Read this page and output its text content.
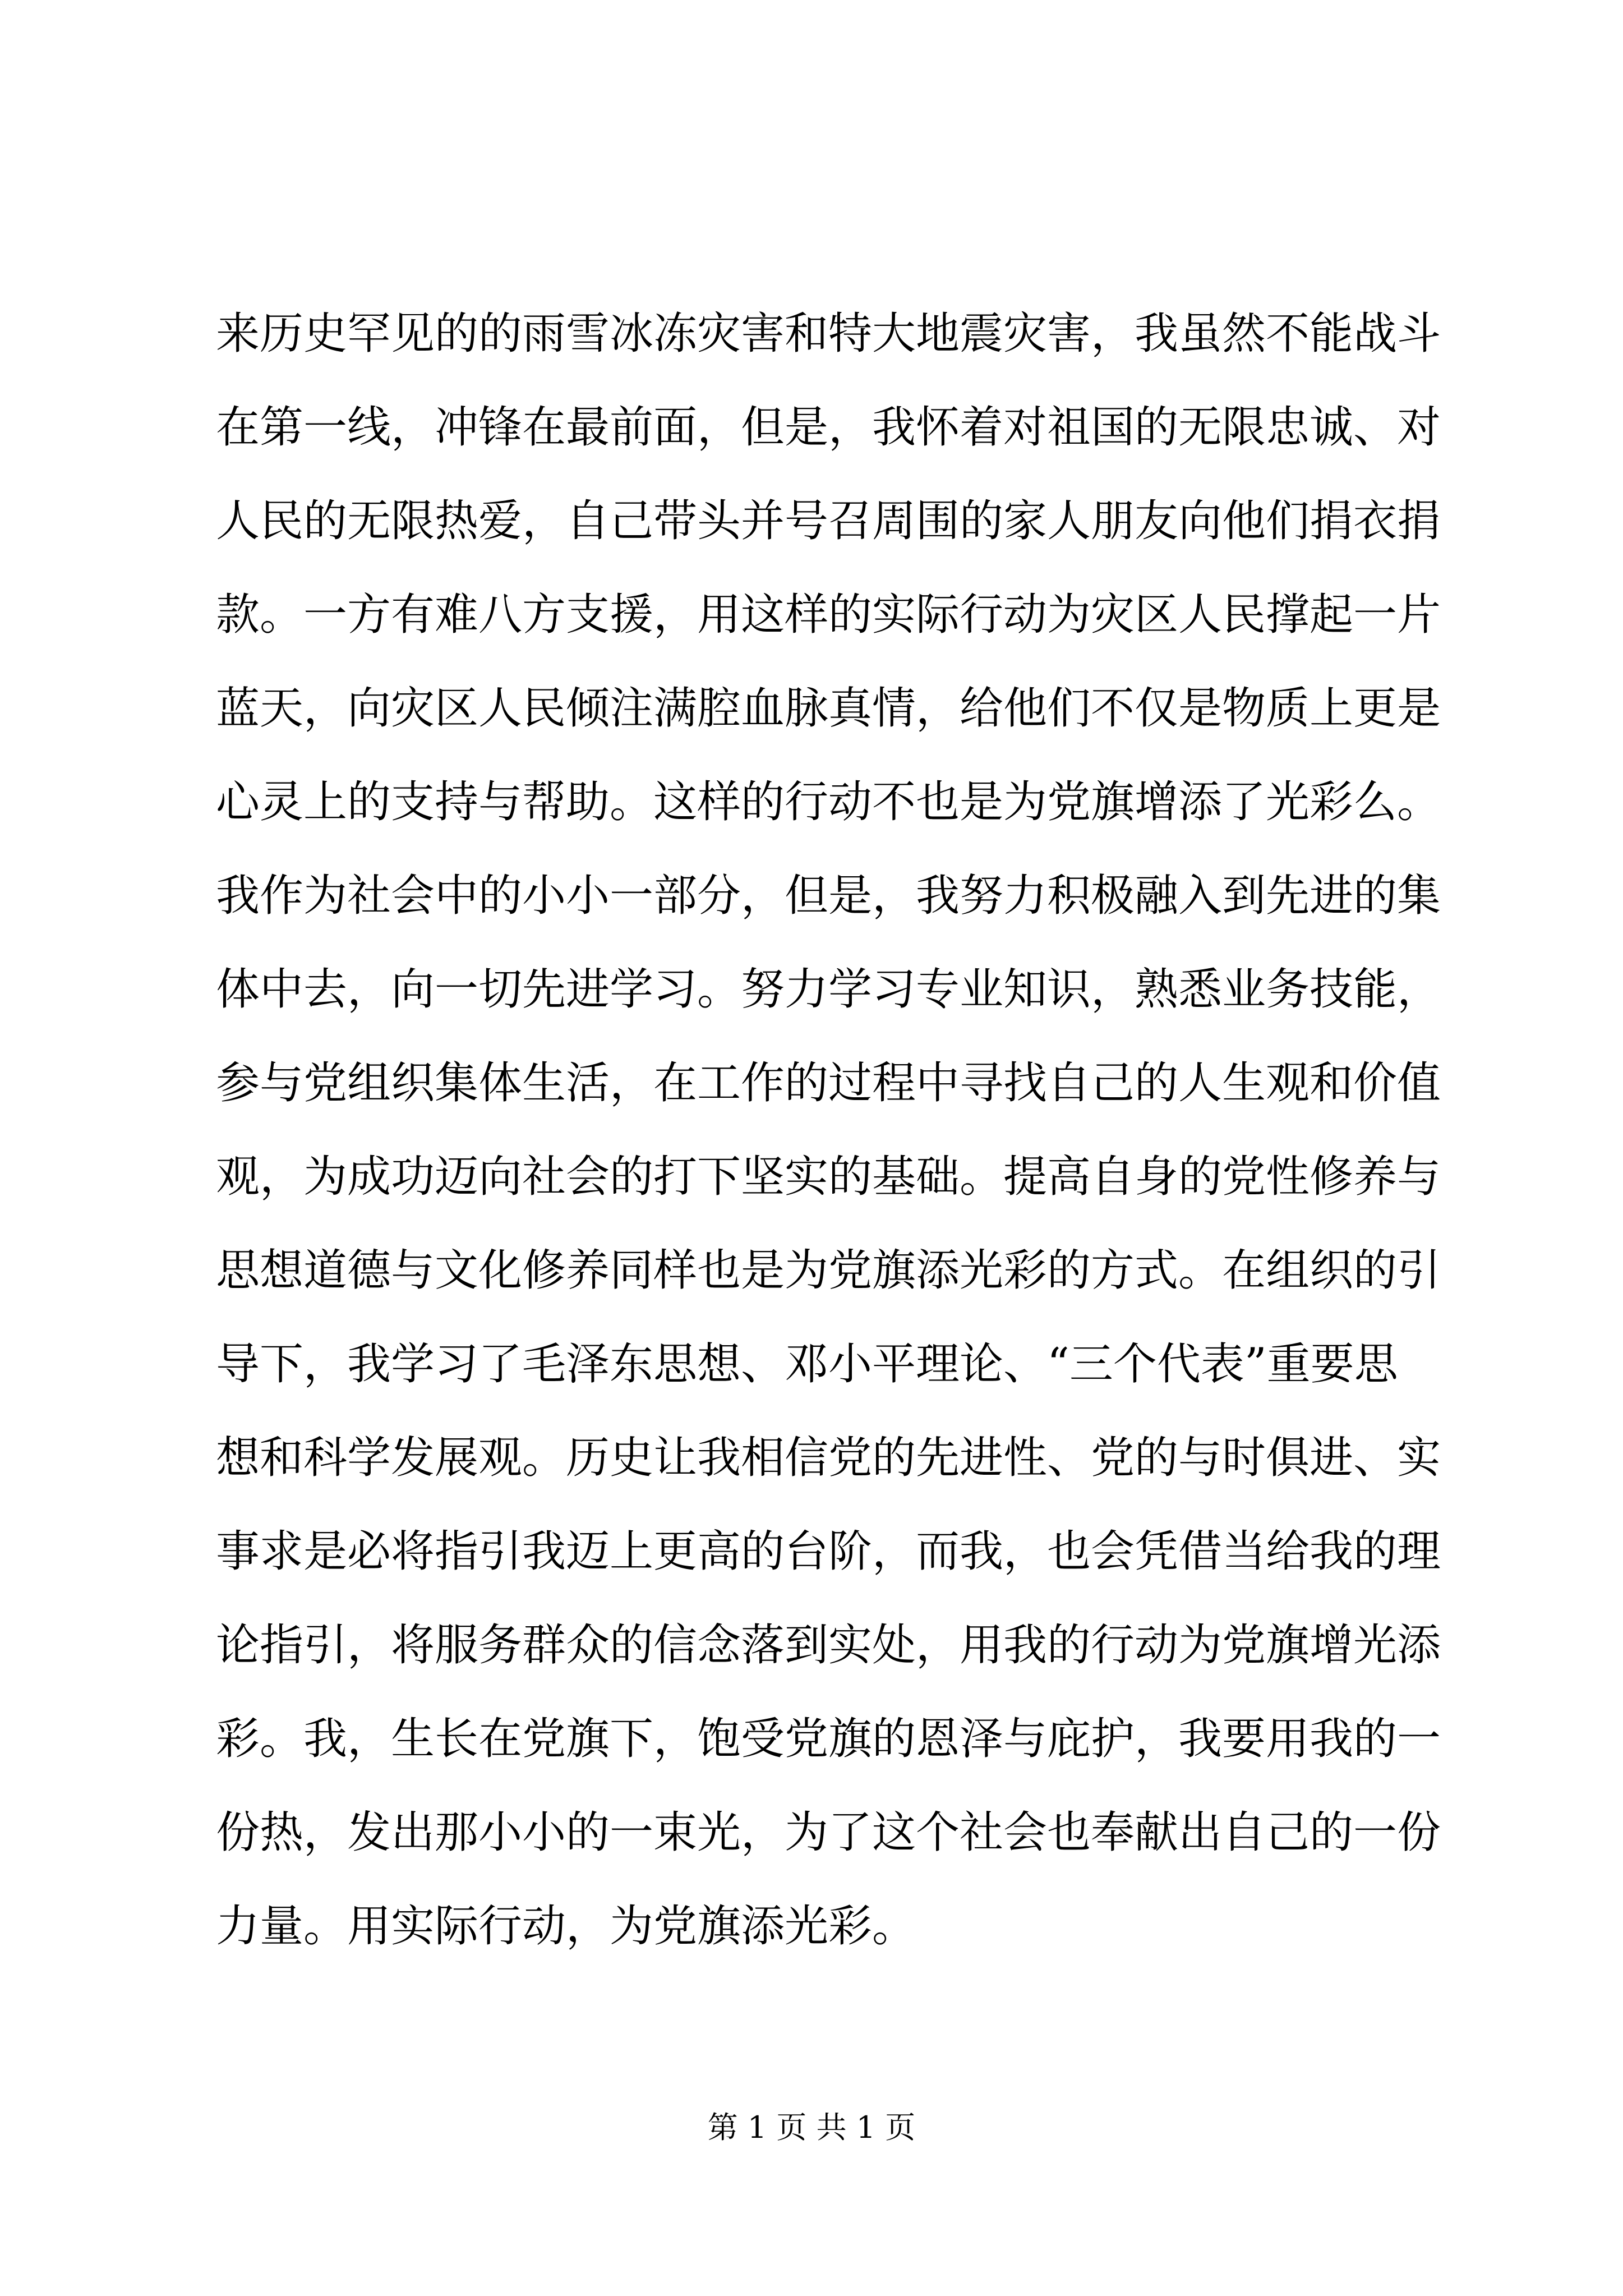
来历史罕见的的雨雪冰冻灾害和特大地震灾害，我虽然不能战斗
在第一线，冲锋在最前面，但是，我怀着对祖国的无限忠诚、对
人民的无限热爱，自己带头并号召周围的家人朋友向他们捐衣捐
款。一方有难八方支援，用这样的实际行动为灾区人民撑起一片
蓝天，向灾区人民倾注满腔血脉真情，给他们不仅是物质上更是
心灵上的支持与帮助。这样的行动不也是为党旗增添了光彩么。
我作为社会中的小小一部分，但是，我努力积极融入到先进的集
体中去，向一切先进学习。努力学习专业知识，熟悉业务技能，
参与党组织集体生活，在工作的过程中寻找自己的人生观和价值
观，为成功迈向社会的打下坚实的基础。提高自身的党性修养与
思想道德与文化修养同样也是为党旗添光彩的方式。在组织的引
导下，我学习了毛泽东思想、邓小平理论、“三个代表”重要思
想和科学发展观。历史让我相信党的先进性、党的与时俱进、实
事求是必将指引我迈上更高的台阶，而我，也会凭借当给我的理
论指引，将服务群众的信念落到实处，用我的行动为党旗增光添
彩。我，生长在党旗下，饱受党旗的恩泽与庇护，我要用我的一
份热，发出那小小的一束光，为了这个社会也奉献出自己的一份
力量。用实际行动，为党旗添光彩。
第 1 页 共 1 页
